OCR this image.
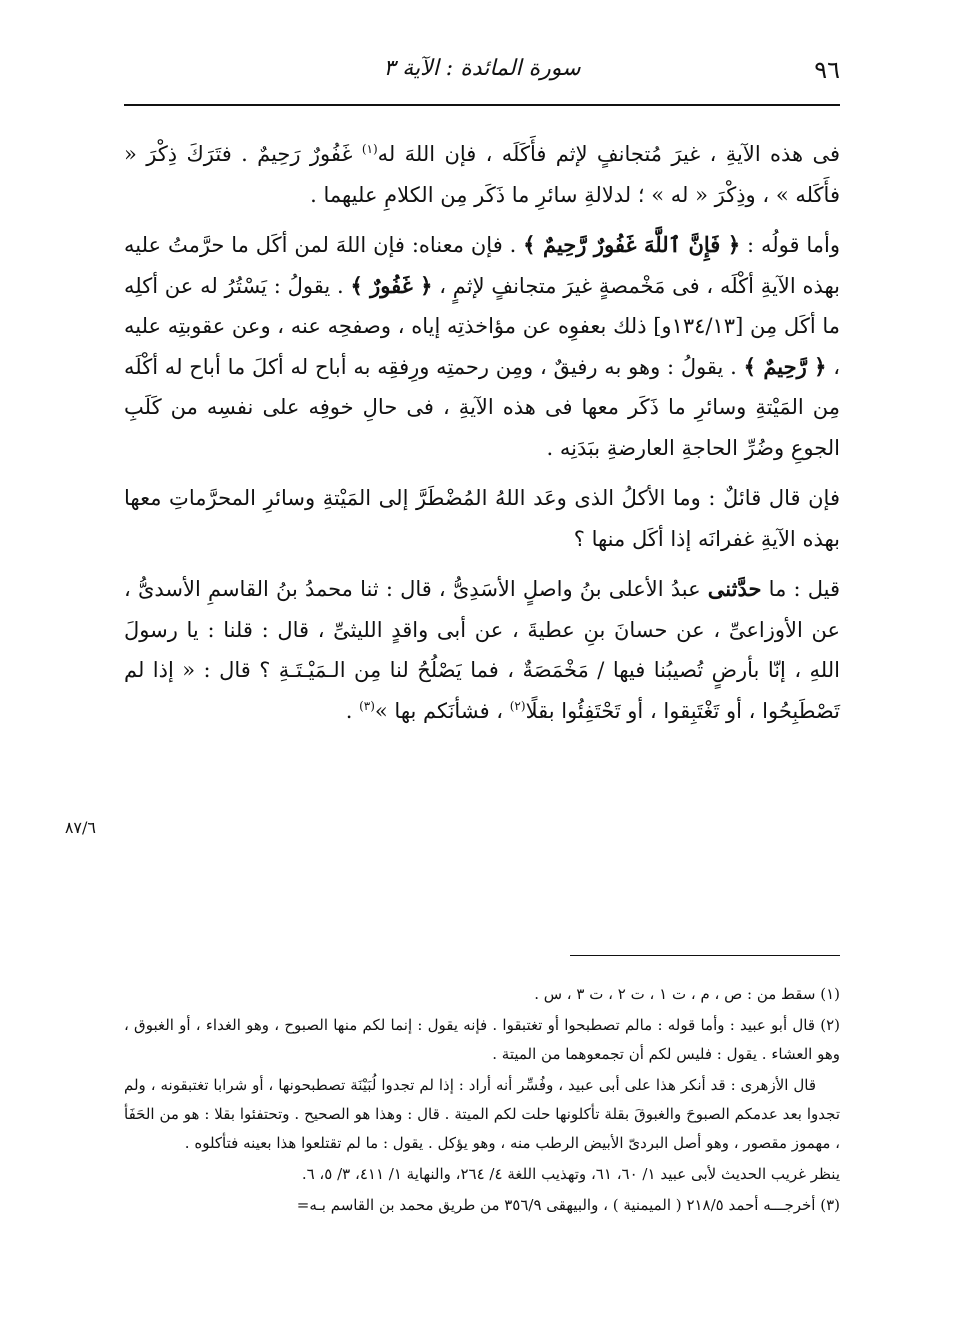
٩٦
سورة المائدة : الآية ٣

فى هذه الآيةِ ، غيرَ مُتجانفٍ لإثم فأَكَلَه ، فإن اللهَ له$^{(١)}$ غَفُورٌ رَحِيمٌ . فتَرَكَ ذِكْرَ « فأَكَله » ، وذِكْرَ « له » ؛ لدلالةِ سائرِ ما ذَكَر مِن الكلامِ عليهما .

وأما قولُه : ﴿ فَإِنَّ ٱللَّهَ غَفُورٌ رَّحِيمٌ ﴾ . فإن معناه: فإن اللهَ لمن أكَل ما حرَّمتُ عليه بهذه الآيةِ أكْلَه ، فى مَخْمصةٍ غيرَ متجانفٍ لإثمٍ ، ﴿ غَفُورٌ ﴾ . يقولُ : يَسْتُرُ له عن أكلِه ما أكَل مِن [١٣٤/١٣و] ذلك بعفوِه عن مؤاخذتِه إياه ، وصفحِه عنه ، وعن عقوبتِه عليه ، ﴿ رَّحِيمٌ ﴾ . يقولُ : وهو به رفيقٌ ، ومِن رحمتِه ورِفقِه به أباح له أكلَ ما أباح له أكْلَه مِن المَيْتةِ وسائرِ ما ذَكَر معها فى هذه الآيةِ ، فى حالِ خوفِه على نفسِه من كَلَبِ الجوعِ وضُرِّ الحاجةِ العارضةِ ببَدَنِه .

فإن قال قائلٌ : وما الأكلُ الذى وعَد اللهُ المُضْطَرَّ إلى المَيْتةِ وسائرِ المحرَّماتِ معها بهذه الآيةِ غفرانَه إذا أكَل منها ؟

قيل : ما حدَّثنى عبدُ الأعلى بنُ واصلٍ الأسَدِىُّ ، قال : ثنا محمدُ بنُ القاسمِ الأسدىُّ ، عن الأوزاعىِّ ، عن حسانَ بنِ عطيةَ ، عن أبى واقدٍ الليثىِّ ، قال : قلنا : يا رسولَ اللهِ ، إنّا بأرضٍ تُصيبُنا فيها / مَخْمَصَةٌ ، فما يَصْلُحُ لنا مِن الـمَيْـتَـةِ ؟ قال : « إذا لم تَصْطَبِحُوا ، أو تَغْتَبِقوا ، أو تَحْتَفِئُوا بقلًا$^{(٢)}$ ، فشأنَكم بها »$^{(٣)}$ .

٨٧/٦

(١) سقط من : ص ، م ، ت ١ ، ت ٢ ، ت ٣ ، س .

(٢) قال أبو عبيد : وأما قوله : مالم تصطبحوا أو تغتبقوا . فإنه يقول : إنما لكم منها الصبوح ، وهو الغداء ، أو الغبوق ، وهو العشاء . يقول : فليس لكم أن تجمعوهما من الميتة .

قال الأزهرى : قد أنكر هذا على أبى عبيد ، وفُسِّر أنه أراد : إذا لم تجدوا لُبَيْنَة تصطبحونها ، أو شرابا تغتبقونه ، ولم تجدوا بعد عدمكم الصبوحَ والغبوقَ بقلة تأكلونها حلت لكم الميتة . قال : وهذا هو الصحيح . وتحتفئوا بقلا : هو من الحَفَأ ، مهموز مقصور ، وهو أصل البردىّ الأبيض الرطب منه ، وهو يؤكل . يقول : ما لم تقتلعوا هذا بعينه فتأكلوه .

ينظر غريب الحديث لأبى عبيد ١/ ٦٠، ٦١، وتهذيب اللغة ٤/ ٢٦٤، والنهاية ١/ ٤١١، ٣/ ٥، ٦.

(٣) أخرجـــه أحمد ٢١٨/٥ ( الميمنية ) ، والبيهقى ٣٥٦/٩ من طريق محمد بن القاسم بـه=
